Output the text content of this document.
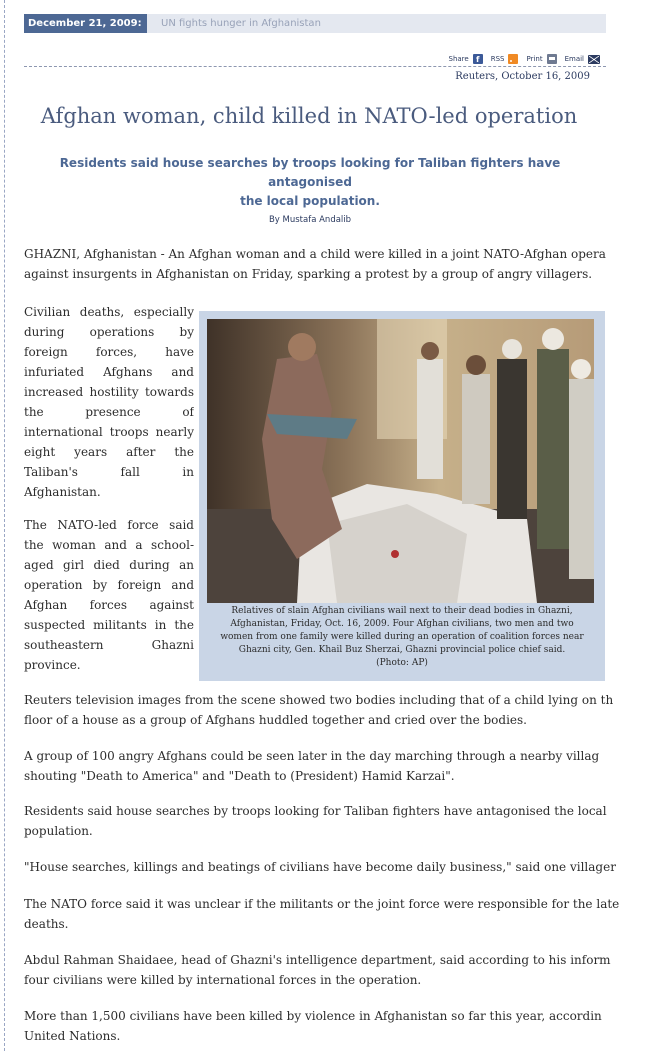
December 21, 2009:	UN fights hunger in Afghanistan
Share f	RSS	Print	Email
Reuters, October 16, 2009
Afghan woman, child killed in NATO-led operation
Residents said house searches by troops looking for Taliban fighters have antagonised
the local population.
By Mustafa Andalib
GHAZNI, Afghanistan - An Afghan woman and a child were killed in a joint NATO-Afghan opera
against insurgents in Afghanistan on Friday, sparking a protest by a group of angry villagers.

Civilian deaths, especially during operations by foreign forces, have infuriated Afghans and increased hostility towards the presence of international troops nearly eight years after the Taliban's fall in Afghanistan.

The NATO-led force said the woman and a school-aged girl died during an operation by foreign and Afghan forces against suspected militants in the southeastern Ghazni province.

Relatives of slain Afghan civilians wail next to their dead bodies in Ghazni,
Afghanistan, Friday, Oct. 16, 2009. Four Afghan civilians, two men and two
women from one family were killed during an operation of coalition forces near
Ghazni city, Gen. Khail Buz Sherzai, Ghazni provincial police chief said.
(Photo: AP)
Reuters television images from the scene showed two bodies including that of a child lying on th
floor of a house as a group of Afghans huddled together and cried over the bodies.
A group of 100 angry Afghans could be seen later in the day marching through a nearby villag
shouting "Death to America" and "Death to (President) Hamid Karzai".
Residents said house searches by troops looking for Taliban fighters have antagonised the local
population.
"House searches, killings and beatings of civilians have become daily business," said one villager
The NATO force said it was unclear if the militants or the joint force were responsible for the late
deaths.
Abdul Rahman Shaidaee, head of Ghazni's intelligence department, said according to his inform
four civilians were killed by international forces in the operation.
More than 1,500 civilians have been killed by violence in Afghanistan so far this year, accordin
United Nations.
